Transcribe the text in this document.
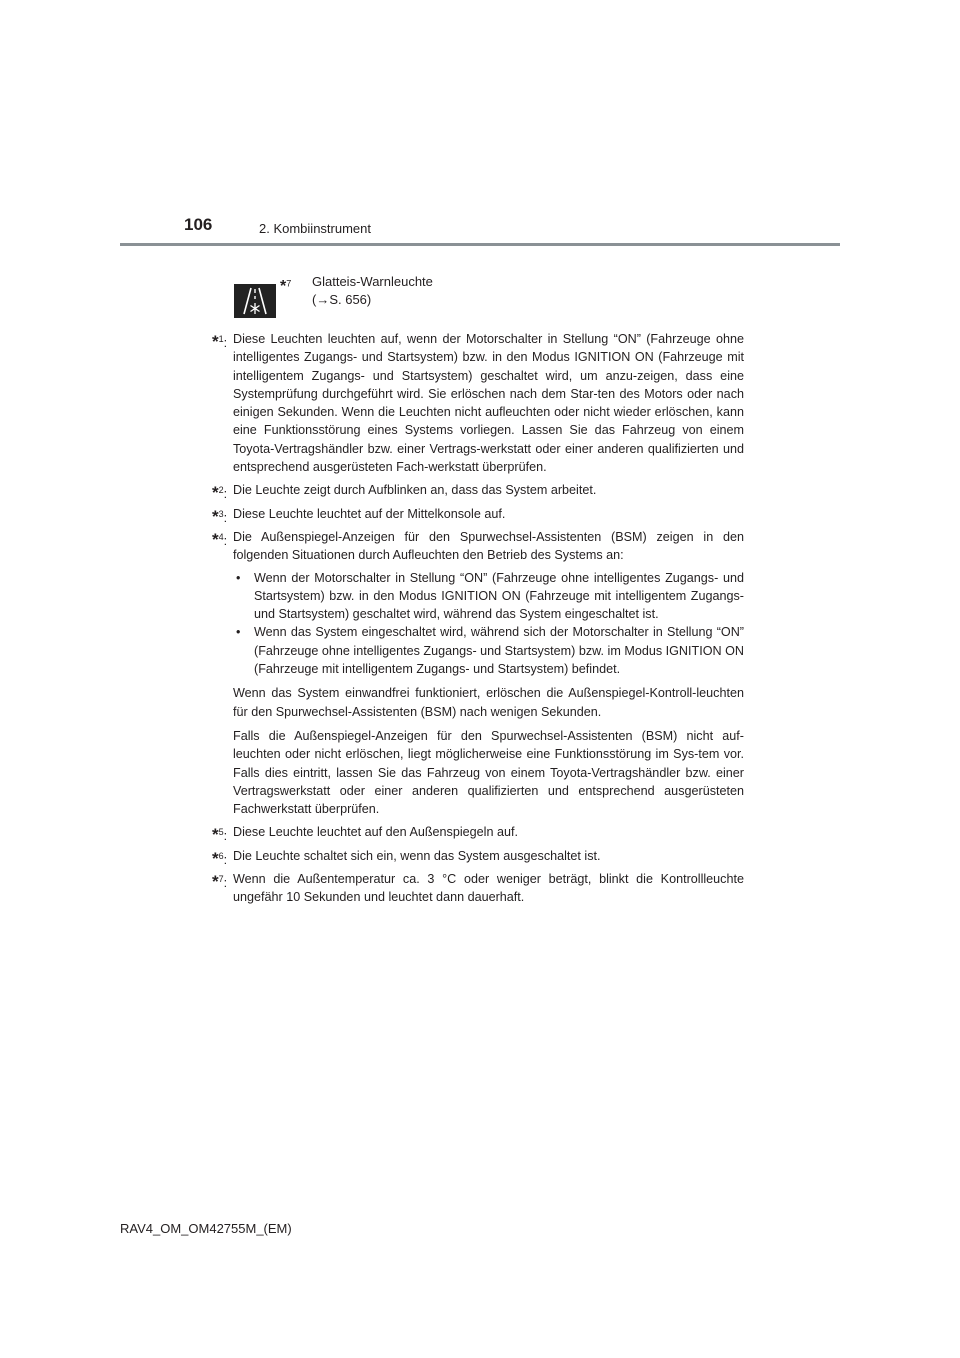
106	2. Kombiinstrument
*$^7$ Glatteis-Warnleuchte
(→S. 656)
*$^1$: Diese Leuchten leuchten auf, wenn der Motorschalter in Stellung “ON” (Fahrzeuge ohne intelligentes Zugangs- und Startsystem) bzw. in den Modus IGNITION ON (Fahrzeuge mit intelligentem Zugangs- und Startsystem) geschaltet wird, um anzu-zeigen, dass eine Systemprüfung durchgeführt wird. Sie erlöschen nach dem Star-ten des Motors oder nach einigen Sekunden. Wenn die Leuchten nicht aufleuchten oder nicht wieder erlöschen, kann eine Funktionsstörung eines Systems vorliegen. Lassen Sie das Fahrzeug von einem Toyota-Vertragshändler bzw. einer Vertrags-werkstatt oder einer anderen qualifizierten und entsprechend ausgerüsteten Fach-werkstatt überprüfen.
*$^2$: Die Leuchte zeigt durch Aufblinken an, dass das System arbeitet.
*$^3$: Diese Leuchte leuchtet auf der Mittelkonsole auf.
*$^4$: Die Außenspiegel-Anzeigen für den Spurwechsel-Assistenten (BSM) zeigen in den folgenden Situationen durch Aufleuchten den Betrieb des Systems an:
• Wenn der Motorschalter in Stellung “ON” (Fahrzeuge ohne intelligentes Zugangs- und Startsystem) bzw. in den Modus IGNITION ON (Fahrzeuge mit intelligentem Zugangs- und Startsystem) geschaltet wird, während das System eingeschaltet ist.
• Wenn das System eingeschaltet wird, während sich der Motorschalter in Stellung “ON” (Fahrzeuge ohne intelligentes Zugangs- und Startsystem) bzw. im Modus IGNITION ON (Fahrzeuge mit intelligentem Zugangs- und Startsystem) befindet.
Wenn das System einwandfrei funktioniert, erlöschen die Außenspiegel-Kontroll-leuchten für den Spurwechsel-Assistenten (BSM) nach wenigen Sekunden.
Falls die Außenspiegel-Anzeigen für den Spurwechsel-Assistenten (BSM) nicht auf-leuchten oder nicht erlöschen, liegt möglicherweise eine Funktionsstörung im Sys-tem vor. Falls dies eintritt, lassen Sie das Fahrzeug von einem Toyota-Vertragshändler bzw. einer Vertragswerkstatt oder einer anderen qualifizierten und entsprechend ausgerüsteten Fachwerkstatt überprüfen.
*$^5$: Diese Leuchte leuchtet auf den Außenspiegeln auf.
*$^6$: Die Leuchte schaltet sich ein, wenn das System ausgeschaltet ist.
*$^7$: Wenn die Außentemperatur ca. 3 °C oder weniger beträgt, blinkt die Kontrollleuchte ungefähr 10 Sekunden und leuchtet dann dauerhaft.
RAV4_OM_OM42755M_(EM)
